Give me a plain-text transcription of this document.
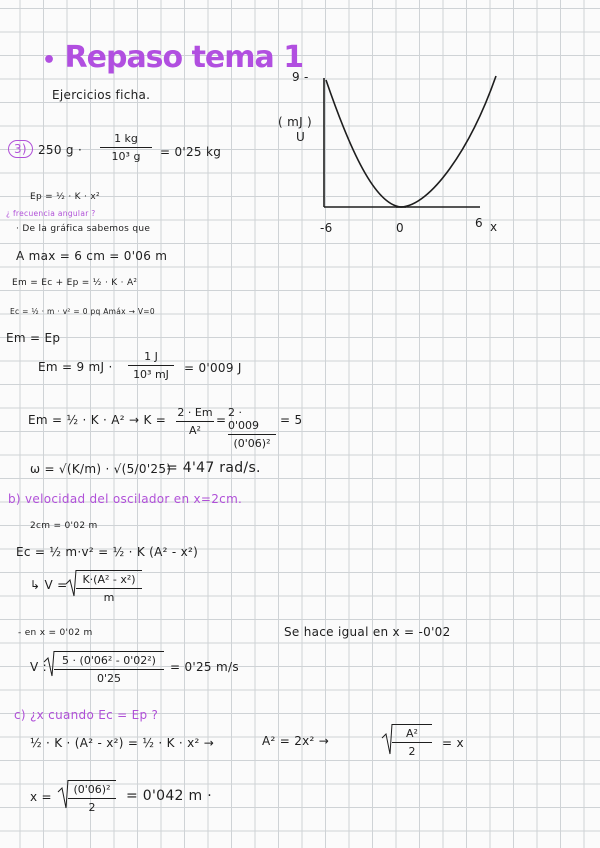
• Repaso tema 1
Ejercicios ficha.
3) 250 g ·
1 kg
10³ g = 0'25 kg
9 -
( mJ )
U
-6	0	6 x
Ep = ½ · K · x²
¿ frecuencia angular ?
· De la gráfica sabemos que
A max = 6 cm = 0'06 m
Em = Ec + Ep = ½ · K · A²
Ec = ½ · m · v² = 0 pq Amáx → V=0
Em = Ep
Em = 9 mJ ·
1 J
10³ mJ = 0'009 J
Em = ½ · K · A² → K =
2 · Em
A²
=
2 · 0'009
(0'06)²
= 5
ω = √(K/m) · √(5/0'25)
= 4'47 rad/s.
b) velocidad del oscilador en x=2cm.
2cm = 0'02 m
Ec = ½ m·v² = ½ · K (A² - x²)
↳ V = K·(A² - x²)
m
- en x = 0'02 m	Se hace igual en x = -0'02
V : 5 · (0'06² - 0'02²)
0'25
= 0'25 m/s
c) ¿x cuando Ec = Ep ?
½ · K · (A² - x²) = ½ · K · x² →	A² = 2x² →
A²
2
= x
x =
(0'06)²
2
= 0'042 m ·
